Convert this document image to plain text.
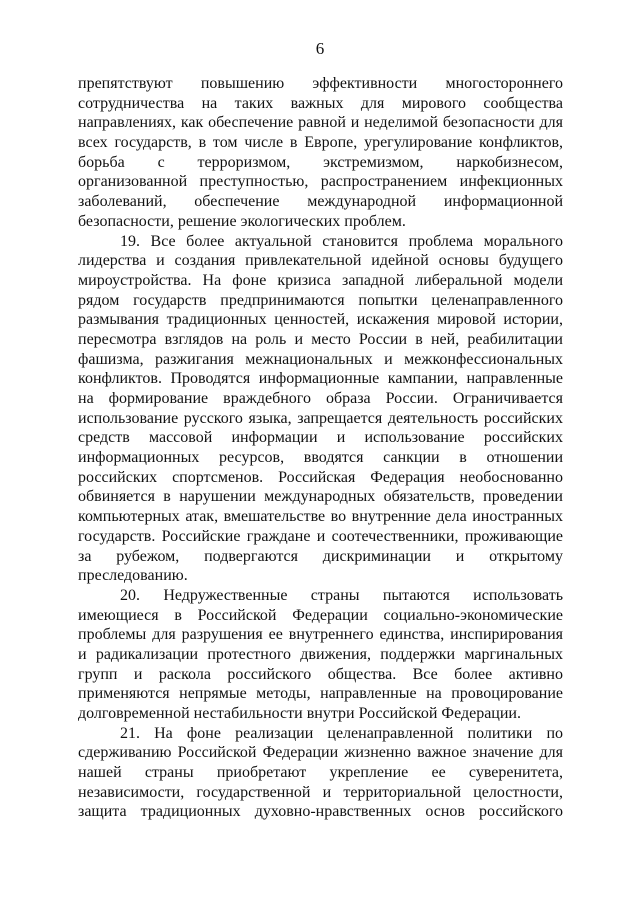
6
препятствуют повышению эффективности многостороннего
сотрудничества на таких важных для мирового сообщества
направлениях, как обеспечение равной и неделимой безопасности для
всех государств, в том числе в Европе, урегулирование конфликтов,
борьба с терроризмом, экстремизмом, наркобизнесом,
организованной преступностью, распространением инфекционных
заболеваний, обеспечение международной информационной
безопасности, решение экологических проблем.
19. Все более актуальной становится проблема морального
лидерства и создания привлекательной идейной основы будущего
мироустройства. На фоне кризиса западной либеральной модели
рядом государств предпринимаются попытки целенаправленного
размывания традиционных ценностей, искажения мировой истории,
пересмотра взглядов на роль и место России в ней, реабилитации
фашизма, разжигания межнациональных и межконфессиональных
конфликтов. Проводятся информационные кампании, направленные
на формирование враждебного образа России. Ограничивается
использование русского языка, запрещается деятельность российских
средств массовой информации и использование российских
информационных ресурсов, вводятся санкции в отношении
российских спортсменов. Российская Федерация необоснованно
обвиняется в нарушении международных обязательств, проведении
компьютерных атак, вмешательстве во внутренние дела иностранных
государств. Российские граждане и соотечественники, проживающие
за рубежом, подвергаются дискриминации и открытому
преследованию.
20. Недружественные страны пытаются использовать
имеющиеся в Российской Федерации социально-экономические
проблемы для разрушения ее внутреннего единства, инспирирования
и радикализации протестного движения, поддержки маргинальных
групп и раскола российского общества. Все более активно
применяются непрямые методы, направленные на провоцирование
долговременной нестабильности внутри Российской Федерации.
21. На фоне реализации целенаправленной политики по
сдерживанию Российской Федерации жизненно важное значение для
нашей страны приобретают укрепление ее суверенитета,
независимости, государственной и территориальной целостности,
защита традиционных духовно-нравственных основ российского
